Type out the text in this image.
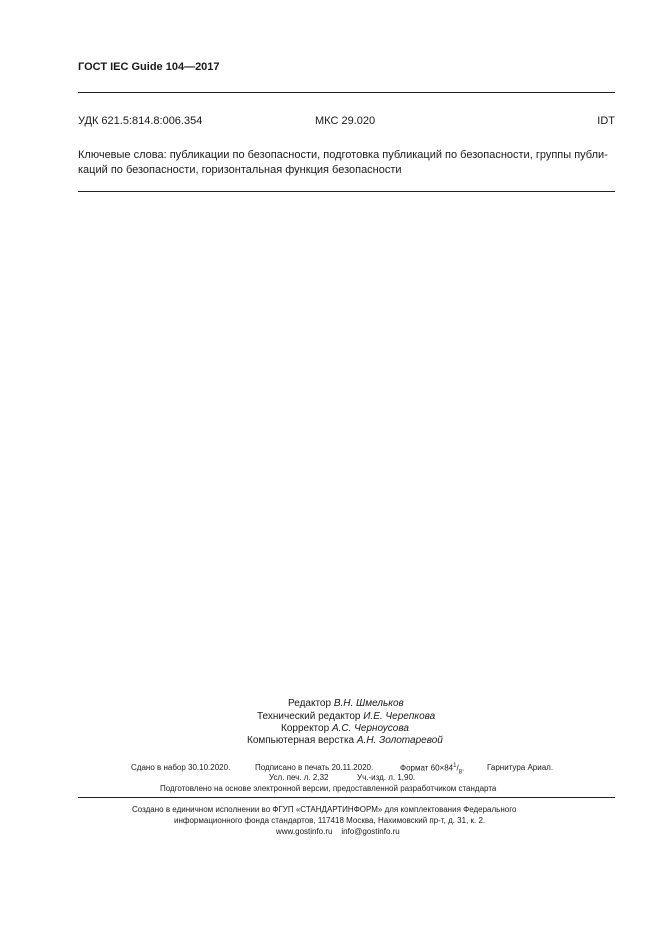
ГОСТ IEC Guide 104—2017
УДК 621.5:814.8:006.354	МКС 29.020	IDT
Ключевые слова: публикации по безопасности, подготовка публикаций по безопасности, группы публи-
каций по безопасности, горизонтальная функция безопасности
Редактор В.Н. Шмельков
Технический редактор И.Е. Черепкова
Корректор А.С. Черноусова
Компьютерная верстка А.Н. Золотаревой
Сдано в набор 30.10.2020.	Подписано в печать 20.11.2020.	Формат $60\times 84^1/_8$.	Гарнитура Ариал.
Усл. печ. л. 2,32	Уч.-изд. л. 1,90.
Подготовлено на основе электронной версии, предоставленной разработчиком стандарта
Создано в единичном исполнении во ФГУП «СТАНДАРТИНФОРМ» для комплектования Федерального
информационного фонда стандартов, 117418 Москва, Нахимовский пр-т, д. 31, к. 2.
www.gostinfo.ru info@gostinfo.ru
